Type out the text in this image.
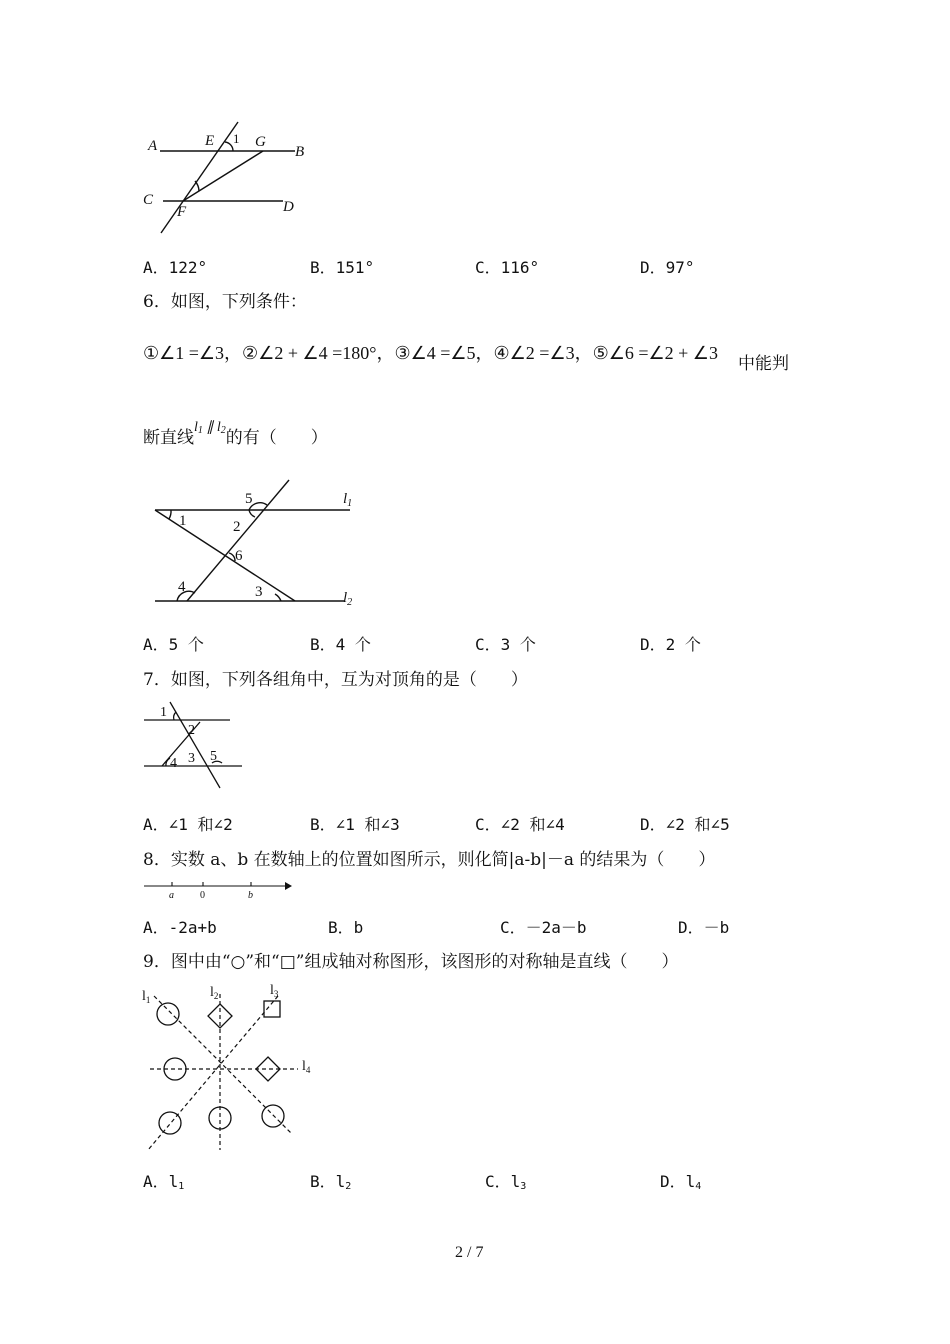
A	E 1 G
B
C
F	D
A．122°	B．151°	C．116°	D．97°
6．如图，下列条件：
①∠1 =∠3，②∠2 + ∠4 =180°，③∠4 =∠5，④∠2 =∠3，⑤∠6 =∠2 + ∠3
中能判
断直线$^{l_1 \parallel l_2}$的有（　　）
5
1	2
6
4	3
$l_1$
$l_2$
A．5 个	B．4 个	C．3 个	D．2 个
7．如图，下列各组角中，互为对顶角的是（　　）
1
2
3
4 5
A．∠1 和∠2	B．∠1 和∠3	C．∠2 和∠4	D．∠2 和∠5
8．实数 a、b 在数轴上的位置如图所示，则化简|a-b|－a 的结果为（　　）
a	0	b
A．-2a+b	B．b	C．－2a－b	D．－b
9．图中由“○”和“□”组成轴对称图形，该图形的对称轴是直线（　　）
$l_1$	$l_2$	$l_3$
$l_4$
A．$l_1$	B．$l_2$	C．$l_3$	D．$l_4$
2 / 7
